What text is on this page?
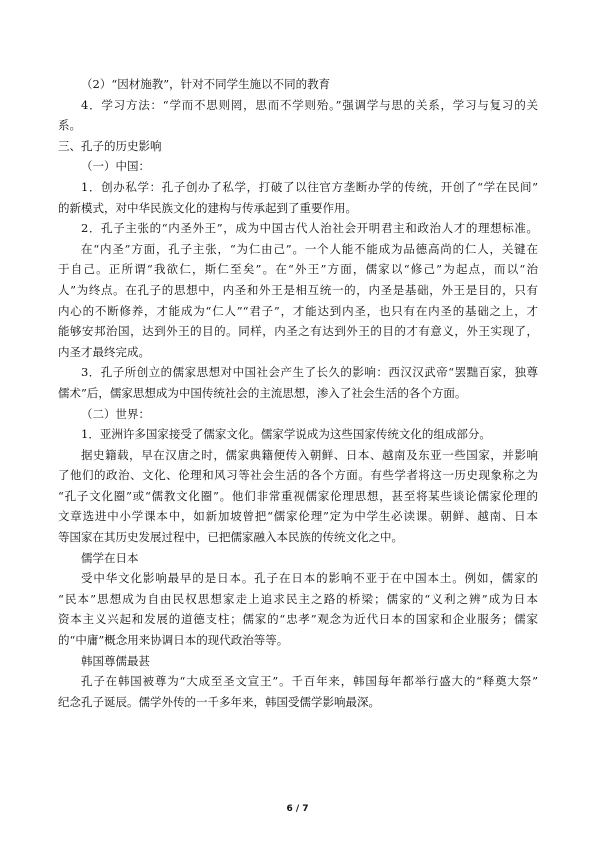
（2）“因材施教”，针对不同学生施以不同的教育
4．学习方法：“学而不思则罔，思而不学则殆。”强调学与思的关系，学习与复习的关
系。
三、孔子的历史影响
（一）中国：
1．创办私学：孔子创办了私学，打破了以往官方垄断办学的传统，开创了“学在民间”
的新模式，对中华民族文化的建构与传承起到了重要作用。
2．孔子主张的“内圣外王”，成为中国古代人治社会开明君主和政治人才的理想标准。
在“内圣”方面，孔子主张，“为仁由己”。一个人能不能成为品德高尚的仁人，关键在
于自己。正所谓“我欲仁，斯仁至矣”。在“外王”方面，儒家以“修己”为起点，而以“治
人”为终点。在孔子的思想中，内圣和外王是相互统一的，内圣是基础，外王是目的，只有
内心的不断修养，才能成为“仁人”“君子”，才能达到内圣，也只有在内圣的基础之上，才
能够安邦治国，达到外王的目的。同样，内圣之有达到外王的目的才有意义，外王实现了，
内圣才最终完成。
3．孔子所创立的儒家思想对中国社会产生了长久的影响：西汉汉武帝“罢黜百家，独尊
儒术”后，儒家思想成为中国传统社会的主流思想，渗入了社会生活的各个方面。
（二）世界：
1．亚洲许多国家接受了儒家文化。儒家学说成为这些国家传统文化的组成部分。
据史籍载，早在汉唐之时，儒家典籍便传入朝鲜、日本、越南及东亚一些国家，并影响
了他们的政治、文化、伦理和风习等社会生活的各个方面。有些学者将这一历史现象称之为
“孔子文化圈”或“儒教文化圈”。他们非常重视儒家伦理思想，甚至将某些谈论儒家伦理的
文章选进中小学课本中，如新加坡曾把“儒家伦理”定为中学生必读课。朝鲜、越南、日本
等国家在其历史发展过程中，已把儒家融入本民族的传统文化之中。
儒学在日本
受中华文化影响最早的是日本。孔子在日本的影响不亚于在中国本土。例如，儒家的
“民本”思想成为自由民权思想家走上追求民主之路的桥梁；儒家的“义利之辨”成为日本
资本主义兴起和发展的道德支柱；儒家的“忠孝”观念为近代日本的国家和企业服务；儒家
的“中庸”概念用来协调日本的现代政治等等。
韩国尊儒最甚
孔子在韩国被尊为“大成至圣文宣王”。千百年来，韩国每年都举行盛大的“释奠大祭”
纪念孔子诞辰。儒学外传的一千多年来，韩国受儒学影响最深。
6 / 7
